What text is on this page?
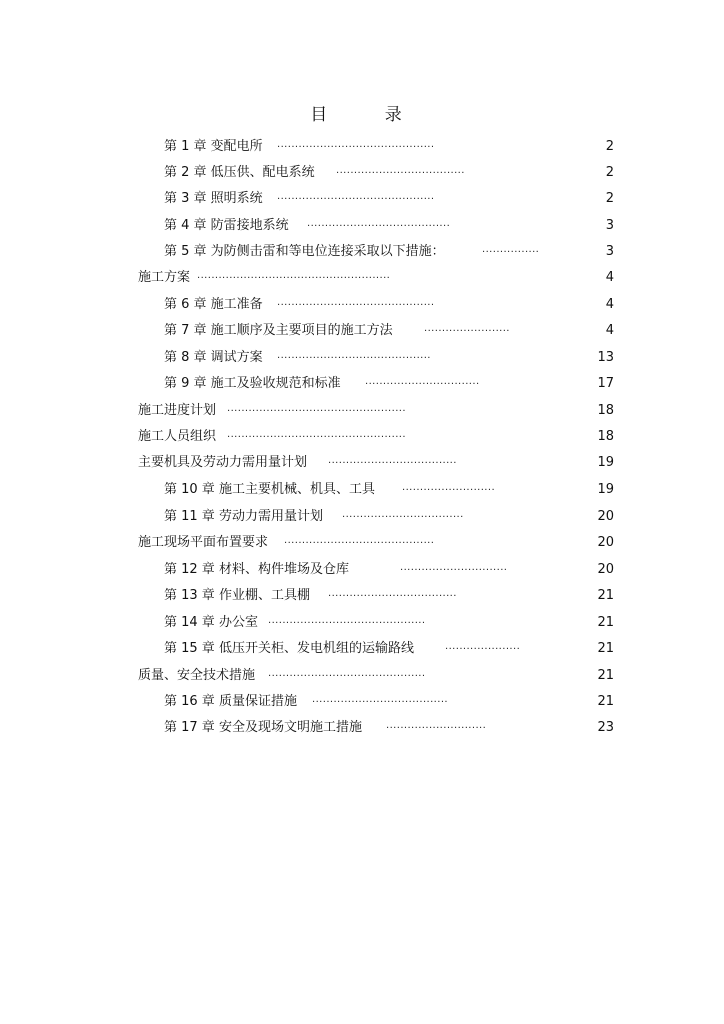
目 录
第 1 章 变配电所 ............................................	2
第 2 章 低压供、配电系统 ....................................	2
第 3 章 照明系统 ............................................	2
第 4 章 防雷接地系统 ........................................	3
第 5 章 为防侧击雷和等电位连接采取以下措施：	................	3
施工方案 ......................................................	4
第 6 章 施工准备 ............................................	4
第 7 章 施工顺序及主要项目的施工方法	........................	4
第 8 章 调试方案 ...........................................	13
第 9 章 施工及验收规范和标准 ................................	17
施工进度计划 ..................................................	18
施工人员组织 ..................................................	18
主要机具及劳动力需用量计划 ....................................	19
第 10 章 施工主要机械、机具、工具	..........................	19
第 11 章 劳动力需用量计划 ..................................	20
施工现场平面布置要求 ..........................................	20
第 12 章 材料、构件堆场及仓库	..............................	20
第 13 章 作业棚、工具棚 ....................................	21
第 14 章 办公室 ............................................	21
第 15 章 低压开关柜、发电机组的运输路线	.....................	21
质量、安全技术措施 ............................................	21
第 16 章 质量保证措施 ......................................	21
第 17 章 安全及现场文明施工措施 ............................	23
